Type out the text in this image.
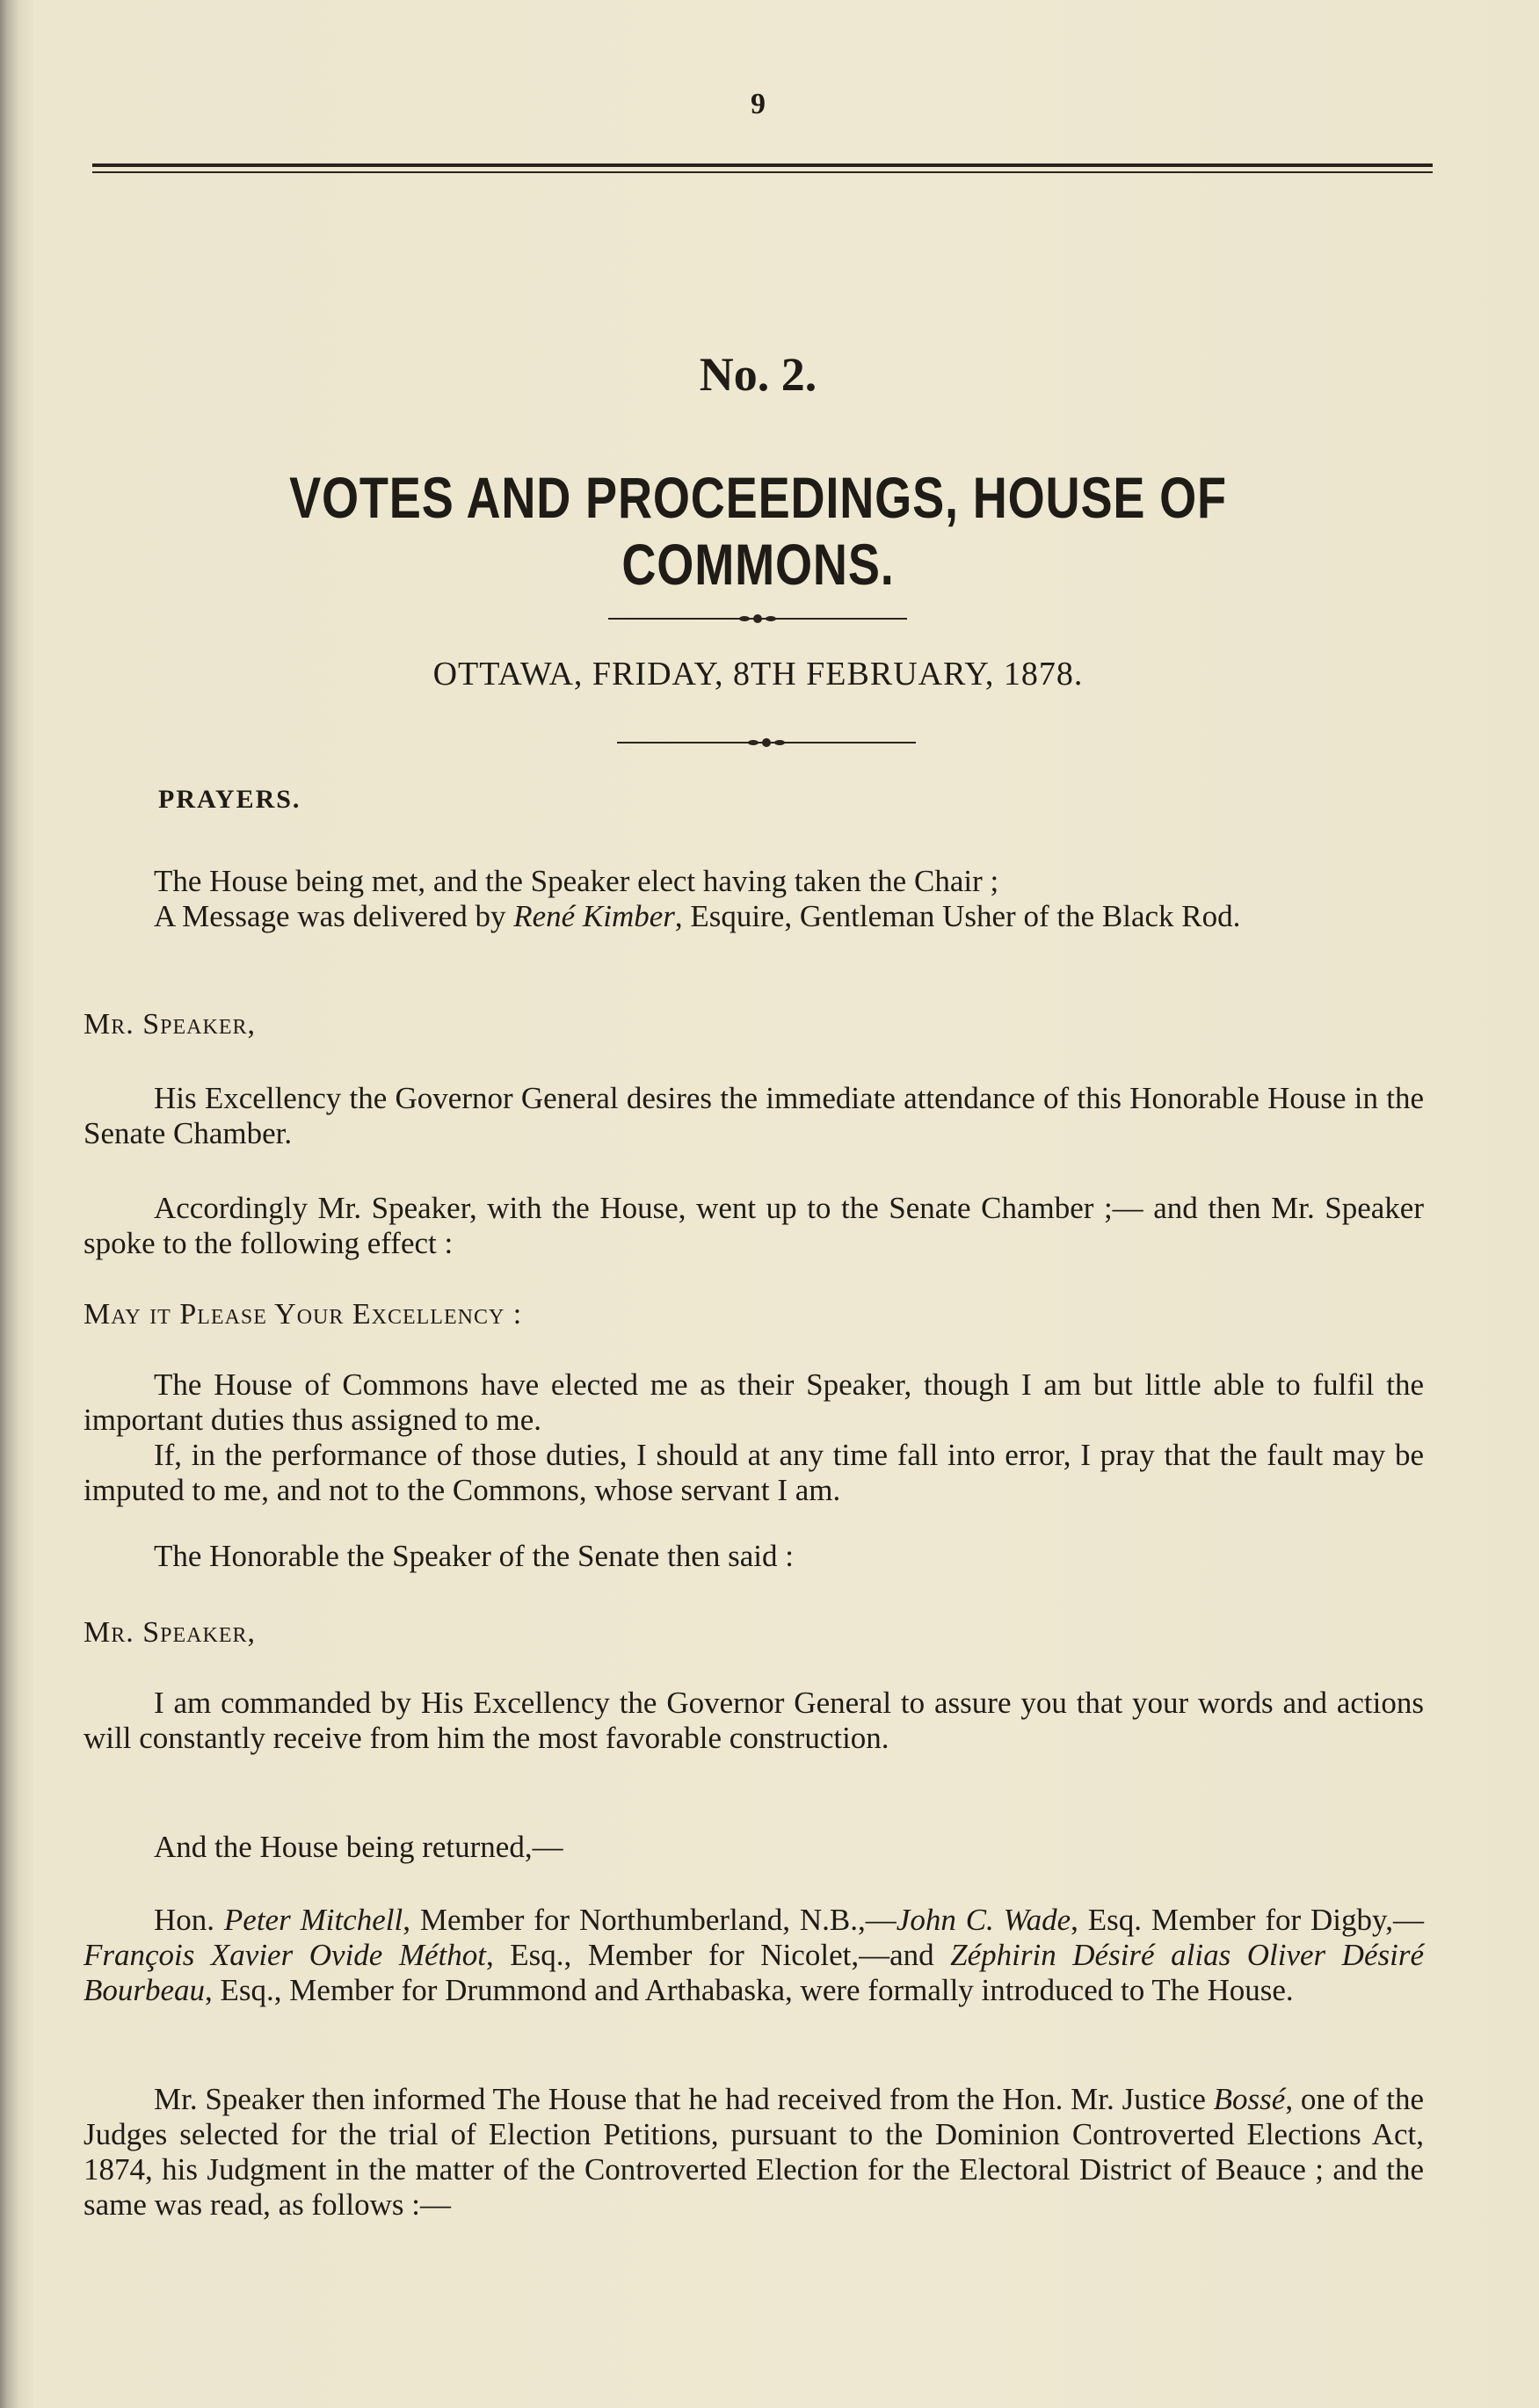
9
No. 2.
VOTES AND PROCEEDINGS, HOUSE OF COMMONS.
OTTAWA, FRIDAY, 8TH FEBRUARY, 1878.
PRAYERS.

The House being met, and the Speaker elect having taken the Chair ;

A Message was delivered by René Kimber, Esquire, Gentleman Usher of the Black Rod.

Mr. Speaker,
His Excellency the Governor General desires the immediate attendance of this Honorable House in the Senate Chamber.
Accordingly Mr. Speaker, with the House, went up to the Senate Chamber ;— and then Mr. Speaker spoke to the following effect :
May it Please Your Excellency :

The House of Commons have elected me as their Speaker, though I am but little able to fulfil the important duties thus assigned to me.

If, in the performance of those duties, I should at any time fall into error, I pray that the fault may be imputed to me, and not to the Commons, whose servant I am.

The Honorable the Speaker of the Senate then said :
Mr. Speaker,
I am commanded by His Excellency the Governor General to assure you that your words and actions will constantly receive from him the most favorable construction.
And the House being returned,—
Hon. Peter Mitchell, Member for Northumberland, N.B.,—John C. Wade, Esq. Member for Digby,—François Xavier Ovide Méthot, Esq., Member for Nicolet,—and Zéphirin Désiré alias Oliver Désiré Bourbeau, Esq., Member for Drummond and Arthabaska, were formally introduced to The House.
Mr. Speaker then informed The House that he had received from the Hon. Mr. Justice Bossé, one of the Judges selected for the trial of Election Petitions, pursuant to the Dominion Controverted Elections Act, 1874, his Judgment in the matter of the Controverted Election for the Electoral District of Beauce ; and the same was read, as follows :—
